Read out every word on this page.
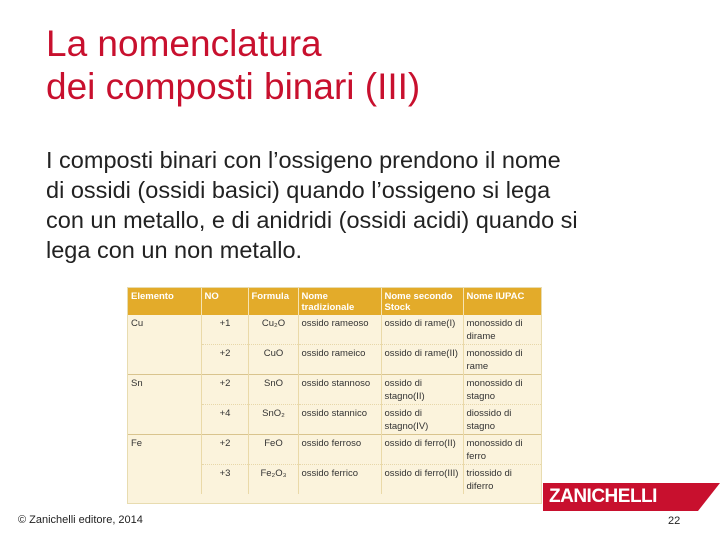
La nomenclatura
dei composti binari (III)

I composti binari con l’ossigeno prendono il nome
di ossidi (ossidi basici) quando l’ossigeno si lega
con un metallo, e di anidridi (ossidi acidi) quando si
lega con un non metallo.

Elemento	NO	Formula	Nome tradizionale	Nome secondo Stock	Nome IUPAC
Cu	+1	Cu₂O	ossido rameoso	ossido di rame(I)	monossido di dirame
	+2	CuO	ossido rameico	ossido di rame(II)	monossido di rame
Sn	+2	SnO	ossido stannoso	ossido di stagno(II)	monossido di stagno
	+4	SnO₂	ossido stannico	ossido di stagno(IV)	diossido di stagno
Fe	+2	FeO	ossido ferroso	ossido di ferro(II)	monossido di ferro
	+3	Fe₂O₃	ossido ferrico	ossido di ferro(III)	triossido di diferro
© Zanichelli editore, 2014
ZANICHELLI
22
